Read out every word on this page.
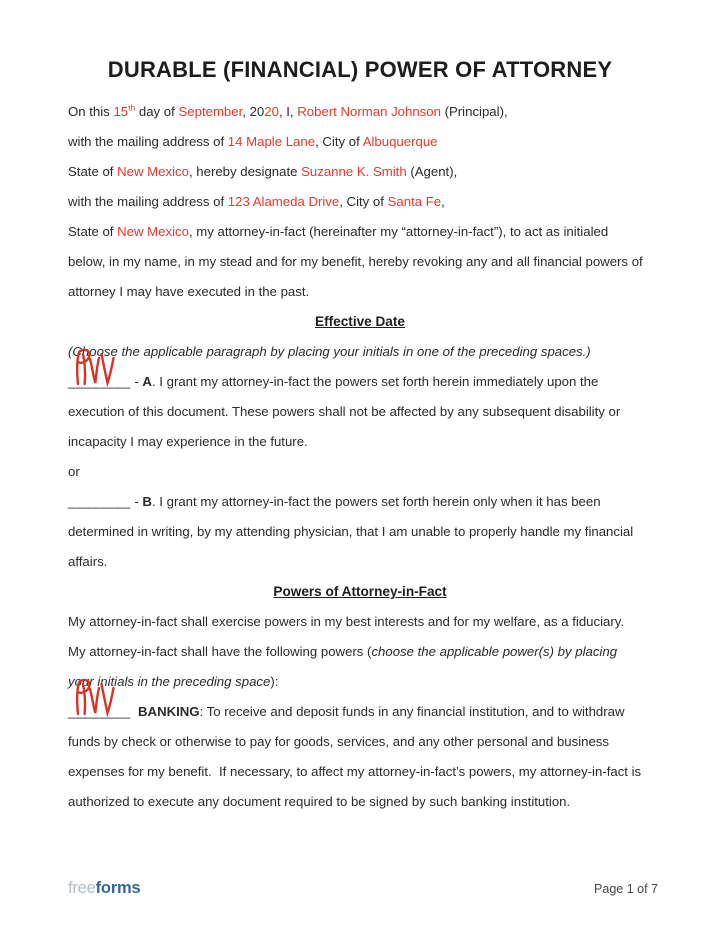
DURABLE (FINANCIAL) POWER OF ATTORNEY
On this 15th day of September, 2020, I, Robert Norman Johnson (Principal),
with the mailing address of 14 Maple Lane, City of Albuquerque
State of New Mexico, hereby designate Suzanne K. Smith (Agent),
with the mailing address of 123 Alameda Drive, City of Santa Fe,
State of New Mexico, my attorney-in-fact (hereinafter my “attorney-in-fact”), to act as initialed
below, in my name, in my stead and for my benefit, hereby revoking any and all financial powers of
attorney I may have executed in the past.
Effective Date
(Choose the applicable paragraph by placing your initials in one of the preceding spaces.)
________
- A. I grant my attorney-in-fact the powers set forth herein immediately upon the
execution of this document. These powers shall not be affected by any subsequent disability or
incapacity I may experience in the future.
or
________ - B. I grant my attorney-in-fact the powers set forth herein only when it has been
determined in writing, by my attending physician, that I am unable to properly handle my financial
affairs.
Powers of Attorney-in-Fact
My attorney-in-fact shall exercise powers in my best interests and for my welfare, as a fiduciary.
My attorney-in-fact shall have the following powers (choose the applicable power(s) by placing
your initials in the preceding space):
________ BANKING: To receive and deposit funds in any financial institution, and to withdraw
funds by check or otherwise to pay for goods, services, and any other personal and business
expenses for my benefit.  If necessary, to affect my attorney-in-fact’s powers, my attorney-in-fact is
authorized to execute any document required to be signed by such banking institution.
freeforms	Page 1 of 7
